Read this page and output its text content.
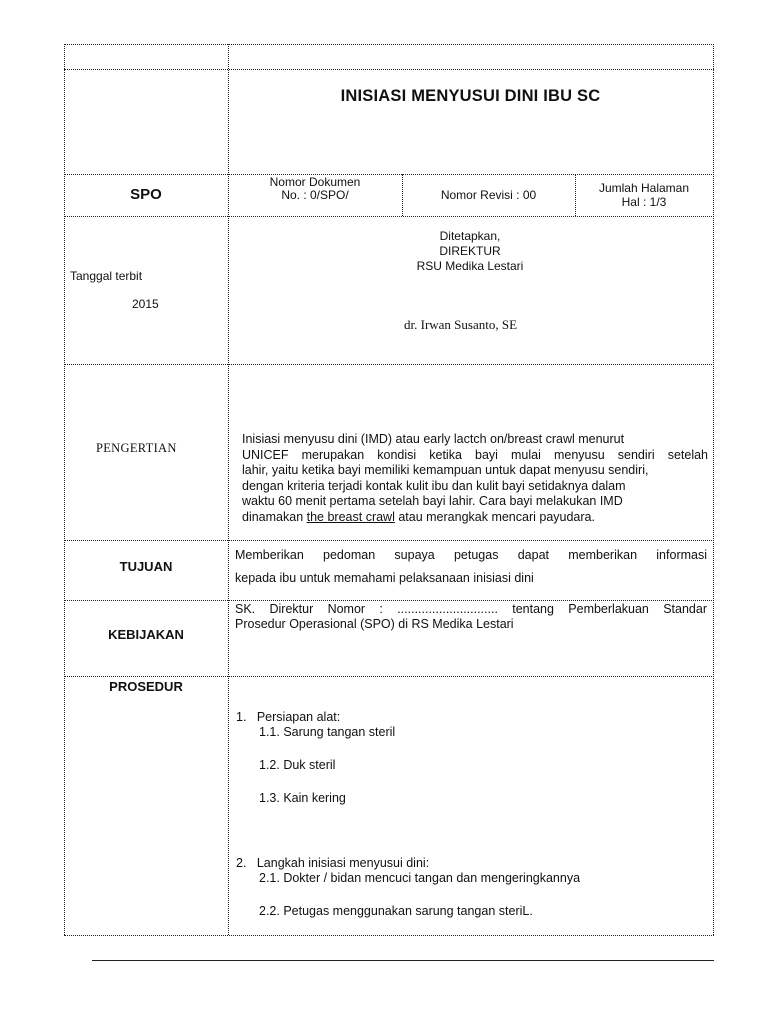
INISIASI MENYUSUI DINI IBU SC
SPO
Nomor Dokumen
No. : 0/SPO/	Nomor Revisi : 00	Jumlah Halaman
Hal : 1/3
Tanggal terbit
2015
Ditetapkan,
DIREKTUR
RSU Medika Lestari
dr. Irwan Susanto, SE
PENGERTIAN
Inisiasi menyusu dini (IMD) atau early lactch on/breast crawl menurut
UNICEF merupakan kondisi ketika bayi mulai menyusu sendiri setelah
lahir, yaitu ketika bayi memiliki kemampuan untuk dapat menyusu sendiri,
dengan kriteria terjadi kontak kulit ibu dan kulit bayi setidaknya dalam
waktu 60 menit pertama setelah bayi lahir. Cara bayi melakukan IMD
dinamakan the breast crawl atau merangkak mencari payudara.
TUJUAN
Memberikan pedoman supaya petugas dapat memberikan informasi
kepada ibu untuk memahami pelaksanaan inisiasi dini
KEBIJAKAN
SK. Direktur Nomor : ............................. tentang Pemberlakuan Standar
Prosedur Operasional (SPO) di RS Medika Lestari
PROSEDUR
1.   Persiapan alat:
1.1. Sarung tangan steril
1.2. Duk steril
1.3. Kain kering
2.   Langkah inisiasi menyusui dini:
2.1. Dokter / bidan mencuci tangan dan mengeringkannya
2.2. Petugas menggunakan sarung tangan steriL.
